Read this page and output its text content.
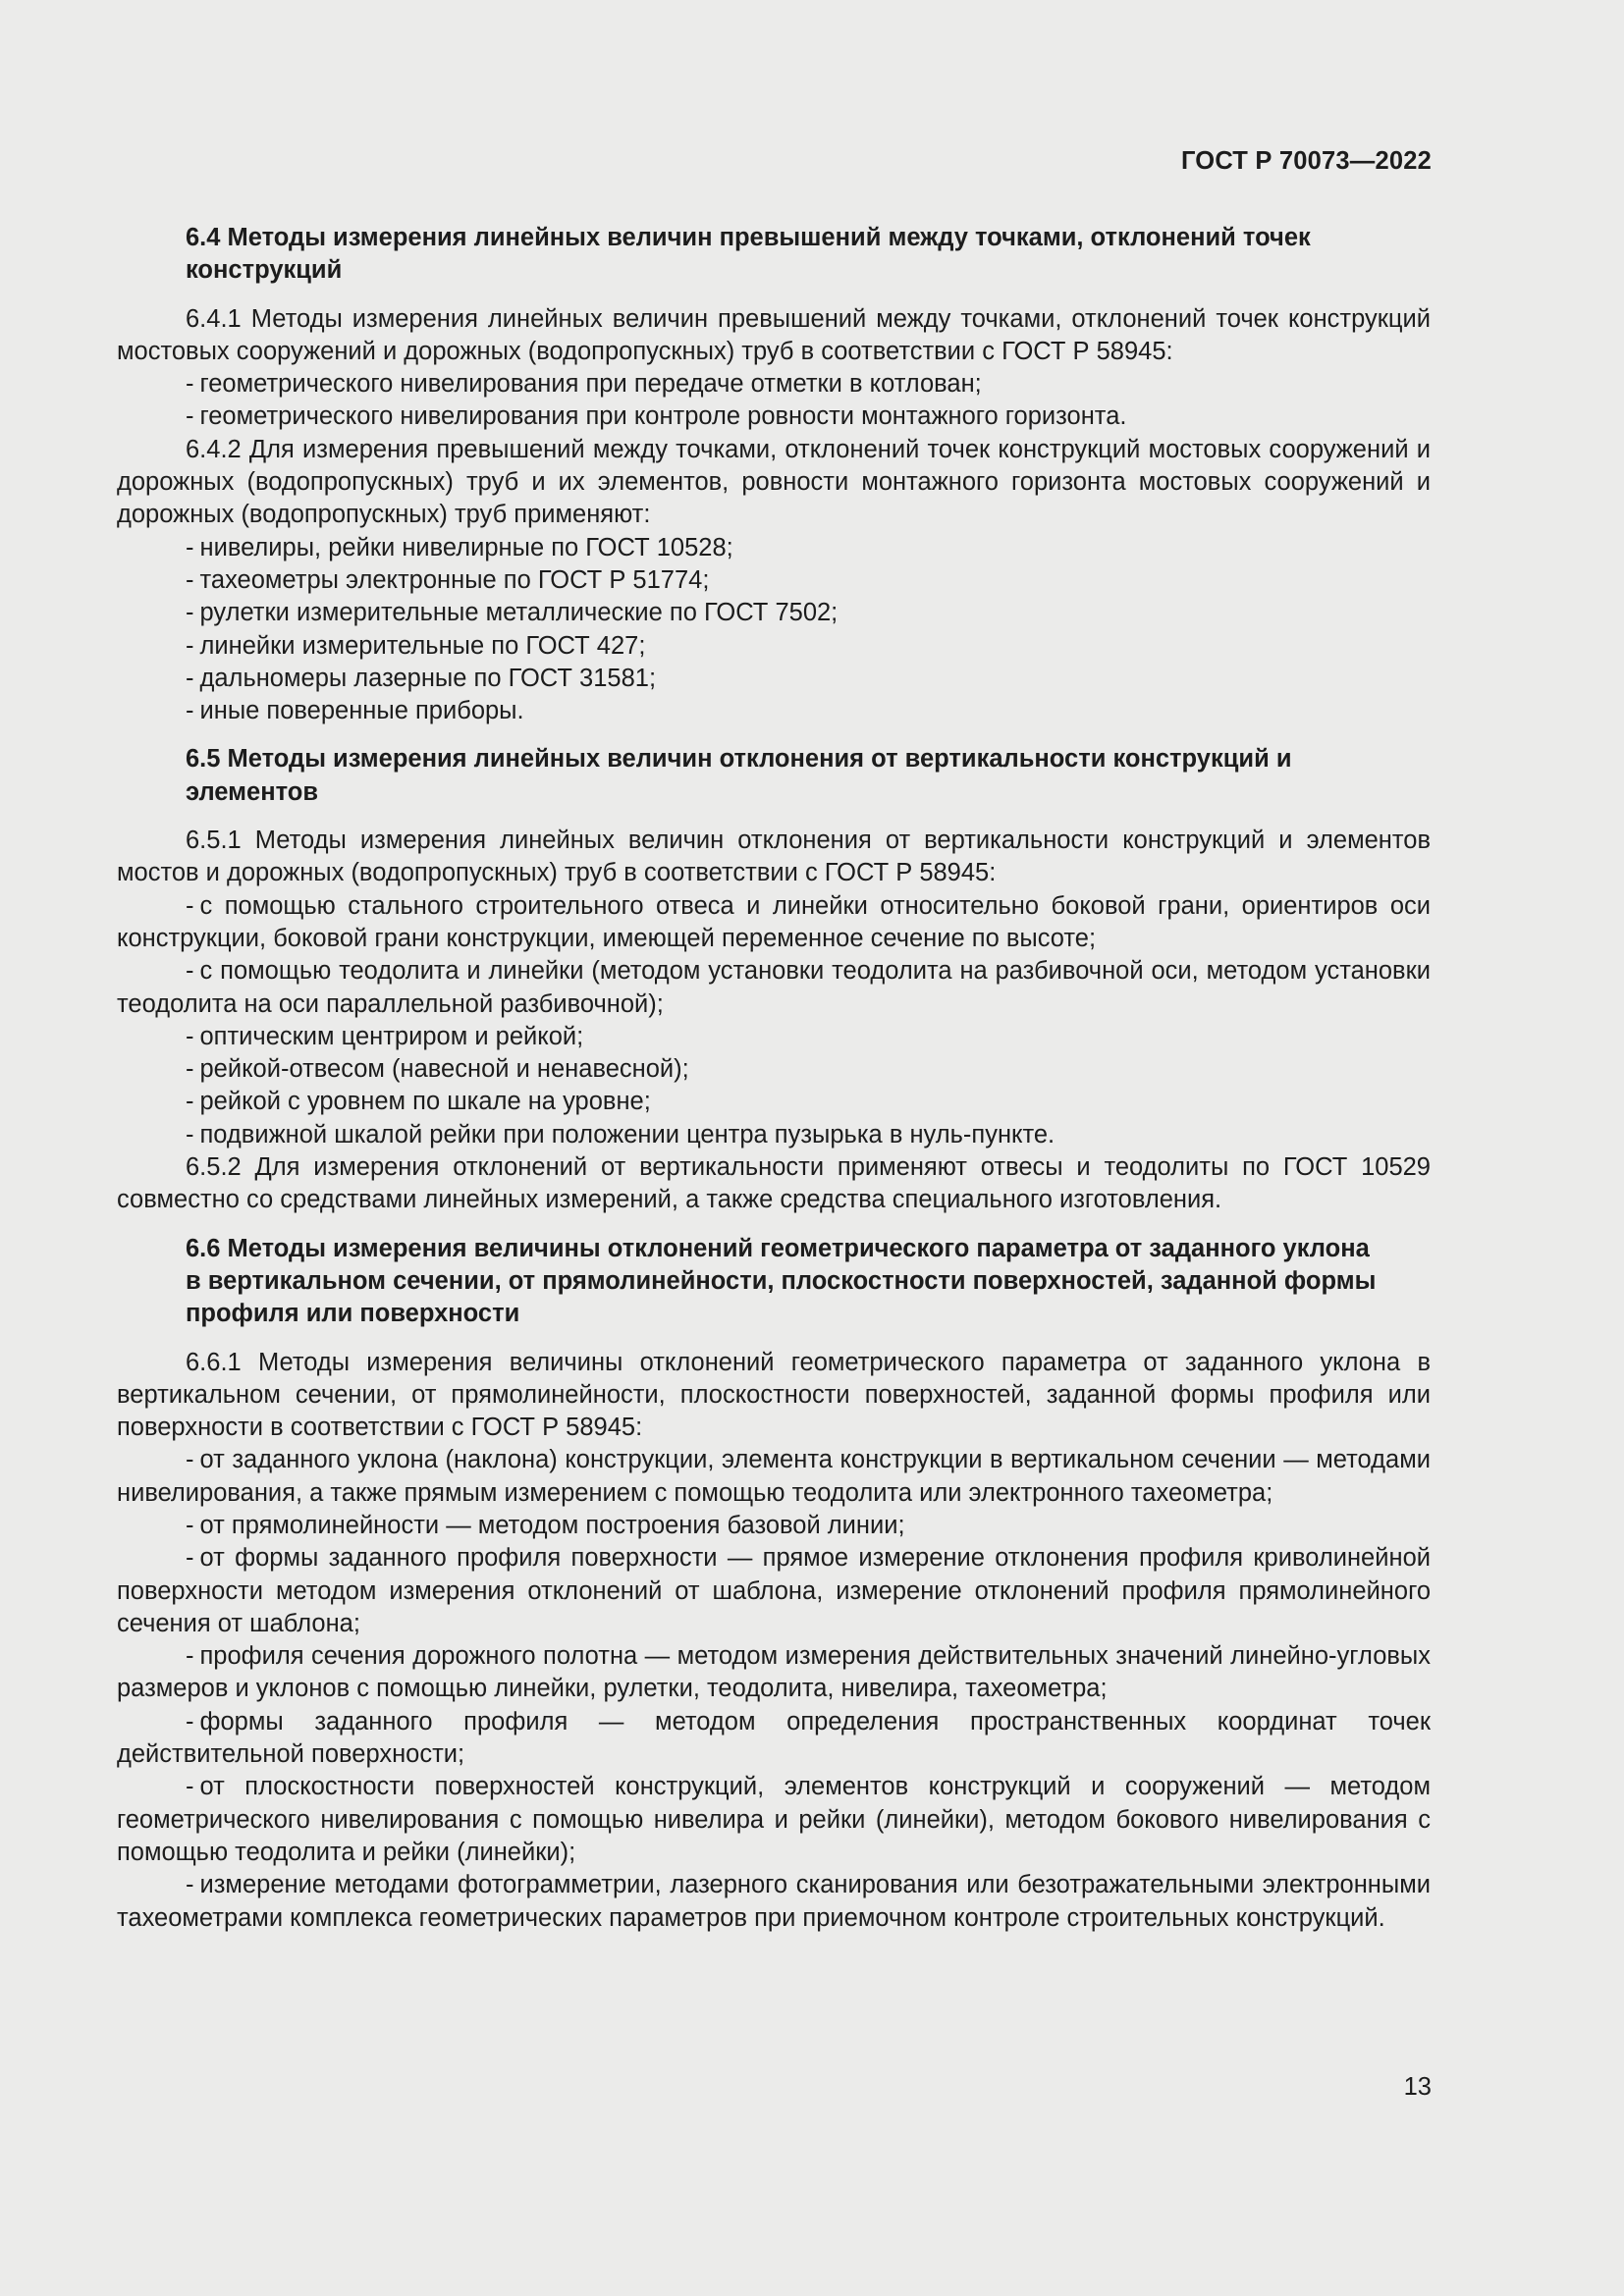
ГОСТ Р 70073—2022

6.4 Методы измерения линейных величин превышений между точками, отклонений точек конструкций

6.4.1 Методы измерения линейных величин превышений между точками, отклонений точек конструкций мостовых сооружений и дорожных (водопропускных) труб в соответствии с ГОСТ Р 58945:

- геометрического нивелирования при передаче отметки в котлован;

- геометрического нивелирования при контроле ровности монтажного горизонта.

6.4.2 Для измерения превышений между точками, отклонений точек конструкций мостовых сооружений и дорожных (водопропускных) труб и их элементов, ровности монтажного горизонта мостовых сооружений и дорожных (водопропускных) труб применяют:

- нивелиры, рейки нивелирные по ГОСТ 10528;

- тахеометры электронные по ГОСТ Р 51774;

- рулетки измерительные металлические по ГОСТ 7502;

- линейки измерительные по ГОСТ 427;

- дальномеры лазерные по ГОСТ 31581;

- иные поверенные приборы.

6.5 Методы измерения линейных величин отклонения от вертикальности конструкций и элементов

6.5.1 Методы измерения линейных величин отклонения от вертикальности конструкций и элементов мостов и дорожных (водопропускных) труб в соответствии с ГОСТ Р 58945:

- с помощью стального строительного отвеса и линейки относительно боковой грани, ориентиров оси конструкции, боковой грани конструкции, имеющей переменное сечение по высоте;

- с помощью теодолита и линейки (методом установки теодолита на разбивочной оси, методом установки теодолита на оси параллельной разбивочной);

- оптическим центриром и рейкой;

- рейкой-отвесом (навесной и ненавесной);

- рейкой с уровнем по шкале на уровне;

- подвижной шкалой рейки при положении центра пузырька в нуль-пункте.

6.5.2 Для измерения отклонений от вертикальности применяют отвесы и теодолиты по ГОСТ 10529 совместно со средствами линейных измерений, а также средства специального изготовления.

6.6 Методы измерения величины отклонений геометрического параметра от заданного уклона в вертикальном сечении, от прямолинейности, плоскостности поверхностей, заданной формы профиля или поверхности

6.6.1 Методы измерения величины отклонений геометрического параметра от заданного уклона в вертикальном сечении, от прямолинейности, плоскостности поверхностей, заданной формы профиля или поверхности в соответствии с ГОСТ Р 58945:

- от заданного уклона (наклона) конструкции, элемента конструкции в вертикальном сечении — методами нивелирования, а также прямым измерением с помощью теодолита или электронного тахеометра;

- от прямолинейности — методом построения базовой линии;

- от формы заданного профиля поверхности — прямое измерение отклонения профиля криволинейной поверхности методом измерения отклонений от шаблона, измерение отклонений профиля прямолинейного сечения от шаблона;

- профиля сечения дорожного полотна — методом измерения действительных значений линейно-угловых размеров и уклонов с помощью линейки, рулетки, теодолита, нивелира, тахеометра;

- формы заданного профиля — методом определения пространственных координат точек действительной поверхности;

- от плоскостности поверхностей конструкций, элементов конструкций и сооружений — методом геометрического нивелирования с помощью нивелира и рейки (линейки), методом бокового нивелирования с помощью теодолита и рейки (линейки);

- измерение методами фотограмметрии, лазерного сканирования или безотражательными электронными тахеометрами комплекса геометрических параметров при приемочном контроле строительных конструкций.

13
